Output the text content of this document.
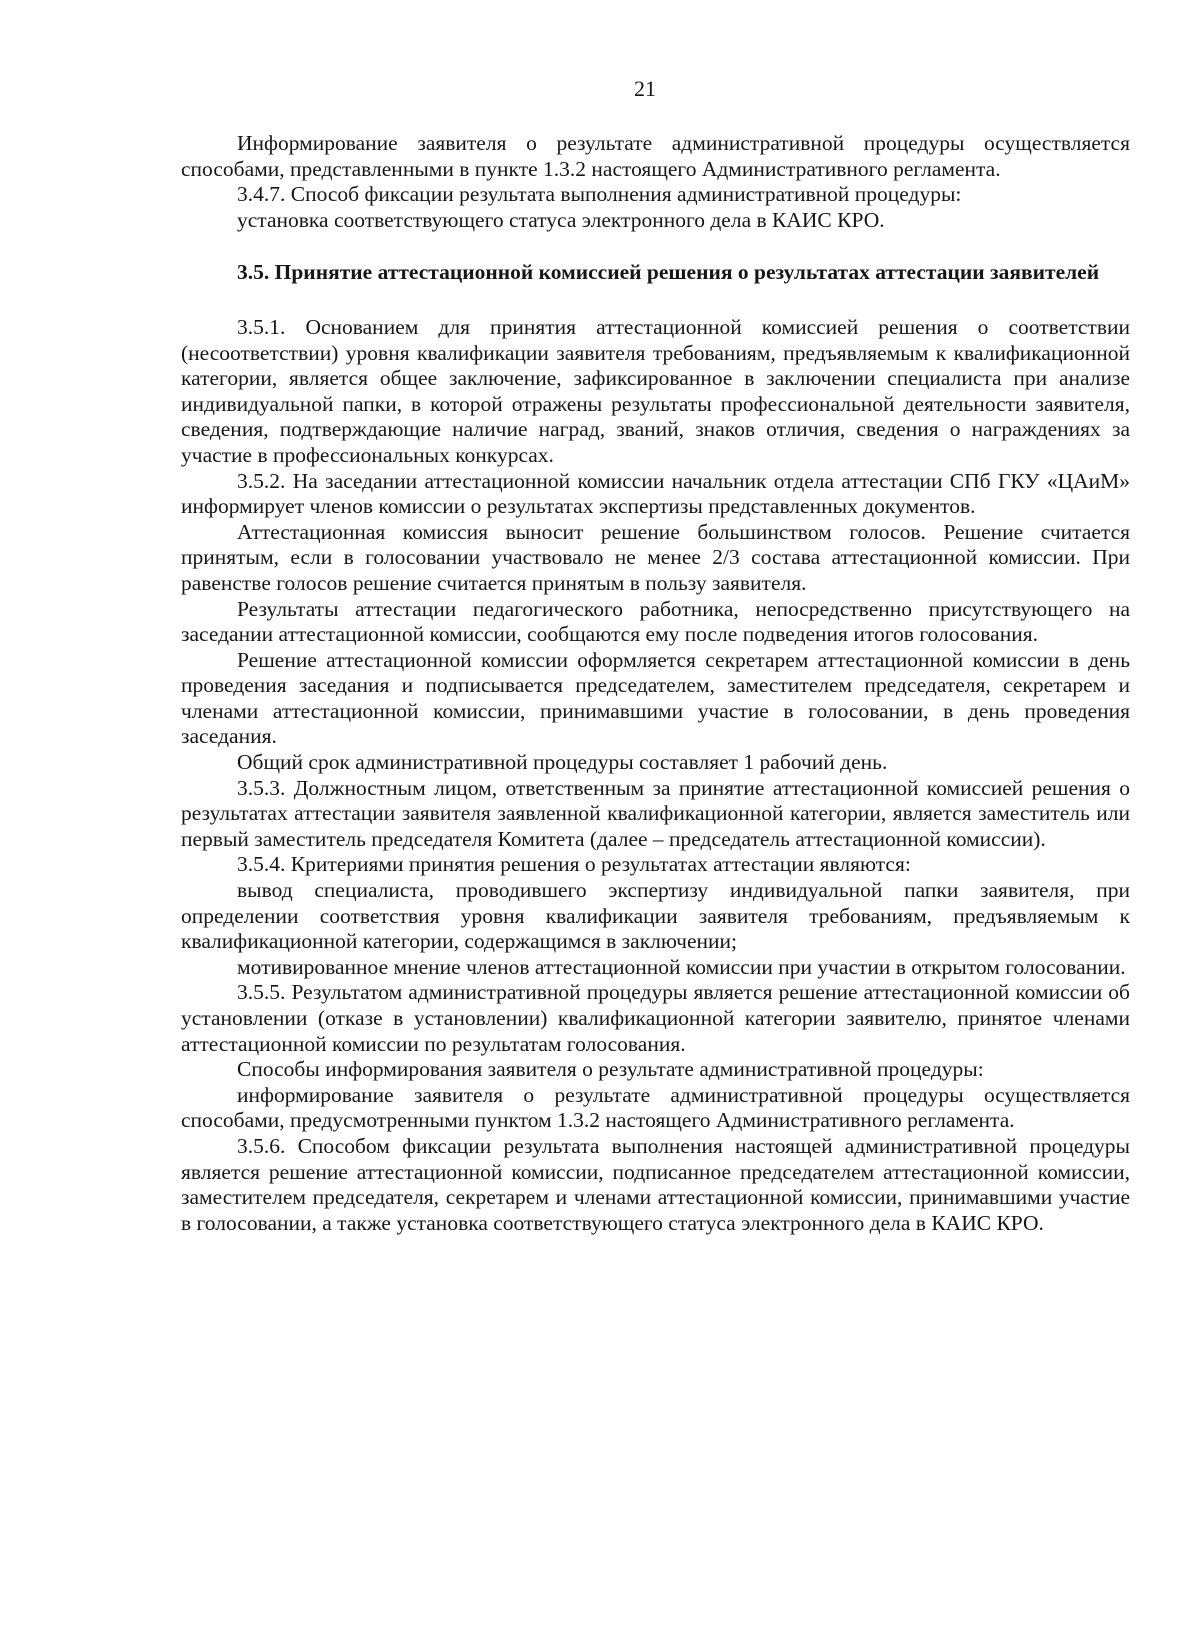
21

Информирование заявителя о результате административной процедуры осуществляется способами, представленными в пункте 1.3.2 настоящего Административного регламента.

3.4.7. Способ фиксации результата выполнения административной процедуры:

установка соответствующего статуса электронного дела в КАИС КРО.

3.5. Принятие аттестационной комиссией решения о результатах аттестации заявителей

3.5.1. Основанием для принятия аттестационной комиссией решения о соответствии (несоответствии) уровня квалификации заявителя требованиям, предъявляемым к квалификационной категории, является общее заключение, зафиксированное в заключении специалиста при анализе индивидуальной папки, в которой отражены результаты профессиональной деятельности заявителя, сведения, подтверждающие наличие наград, званий, знаков отличия, сведения о награждениях за участие в профессиональных конкурсах.

3.5.2. На заседании аттестационной комиссии начальник отдела аттестации СПб ГКУ «ЦАиМ» информирует членов комиссии о результатах экспертизы представленных документов.

Аттестационная комиссия выносит решение большинством голосов. Решение считается принятым, если в голосовании участвовало не менее 2/3 состава аттестационной комиссии. При равенстве голосов решение считается принятым в пользу заявителя.

Результаты аттестации педагогического работника, непосредственно присутствующего на заседании аттестационной комиссии, сообщаются ему после подведения итогов голосования.

Решение аттестационной комиссии оформляется секретарем аттестационной комиссии в день проведения заседания и подписывается председателем, заместителем председателя, секретарем и членами аттестационной комиссии, принимавшими участие в голосовании, в день проведения заседания.

Общий срок административной процедуры составляет 1 рабочий день.

3.5.3. Должностным лицом, ответственным за принятие аттестационной комиссией решения о результатах аттестации заявителя заявленной квалификационной категории, является заместитель или первый заместитель председателя Комитета (далее – председатель аттестационной комиссии).

3.5.4. Критериями принятия решения о результатах аттестации являются:

вывод специалиста, проводившего экспертизу индивидуальной папки заявителя, при определении соответствия уровня квалификации заявителя требованиям, предъявляемым к квалификационной категории, содержащимся в заключении;

мотивированное мнение членов аттестационной комиссии при участии в открытом голосовании.

3.5.5. Результатом административной процедуры является решение аттестационной комиссии об установлении (отказе в установлении) квалификационной категории заявителю, принятое членами аттестационной комиссии по результатам голосования.

Способы информирования заявителя о результате административной процедуры:

информирование заявителя о результате административной процедуры осуществляется способами, предусмотренными пунктом 1.3.2 настоящего Административного регламента.

3.5.6. Способом фиксации результата выполнения настоящей административной процедуры является решение аттестационной комиссии, подписанное председателем аттестационной комиссии, заместителем председателя, секретарем и членами аттестационной комиссии, принимавшими участие в голосовании, а также установка соответствующего статуса электронного дела в КАИС КРО.
